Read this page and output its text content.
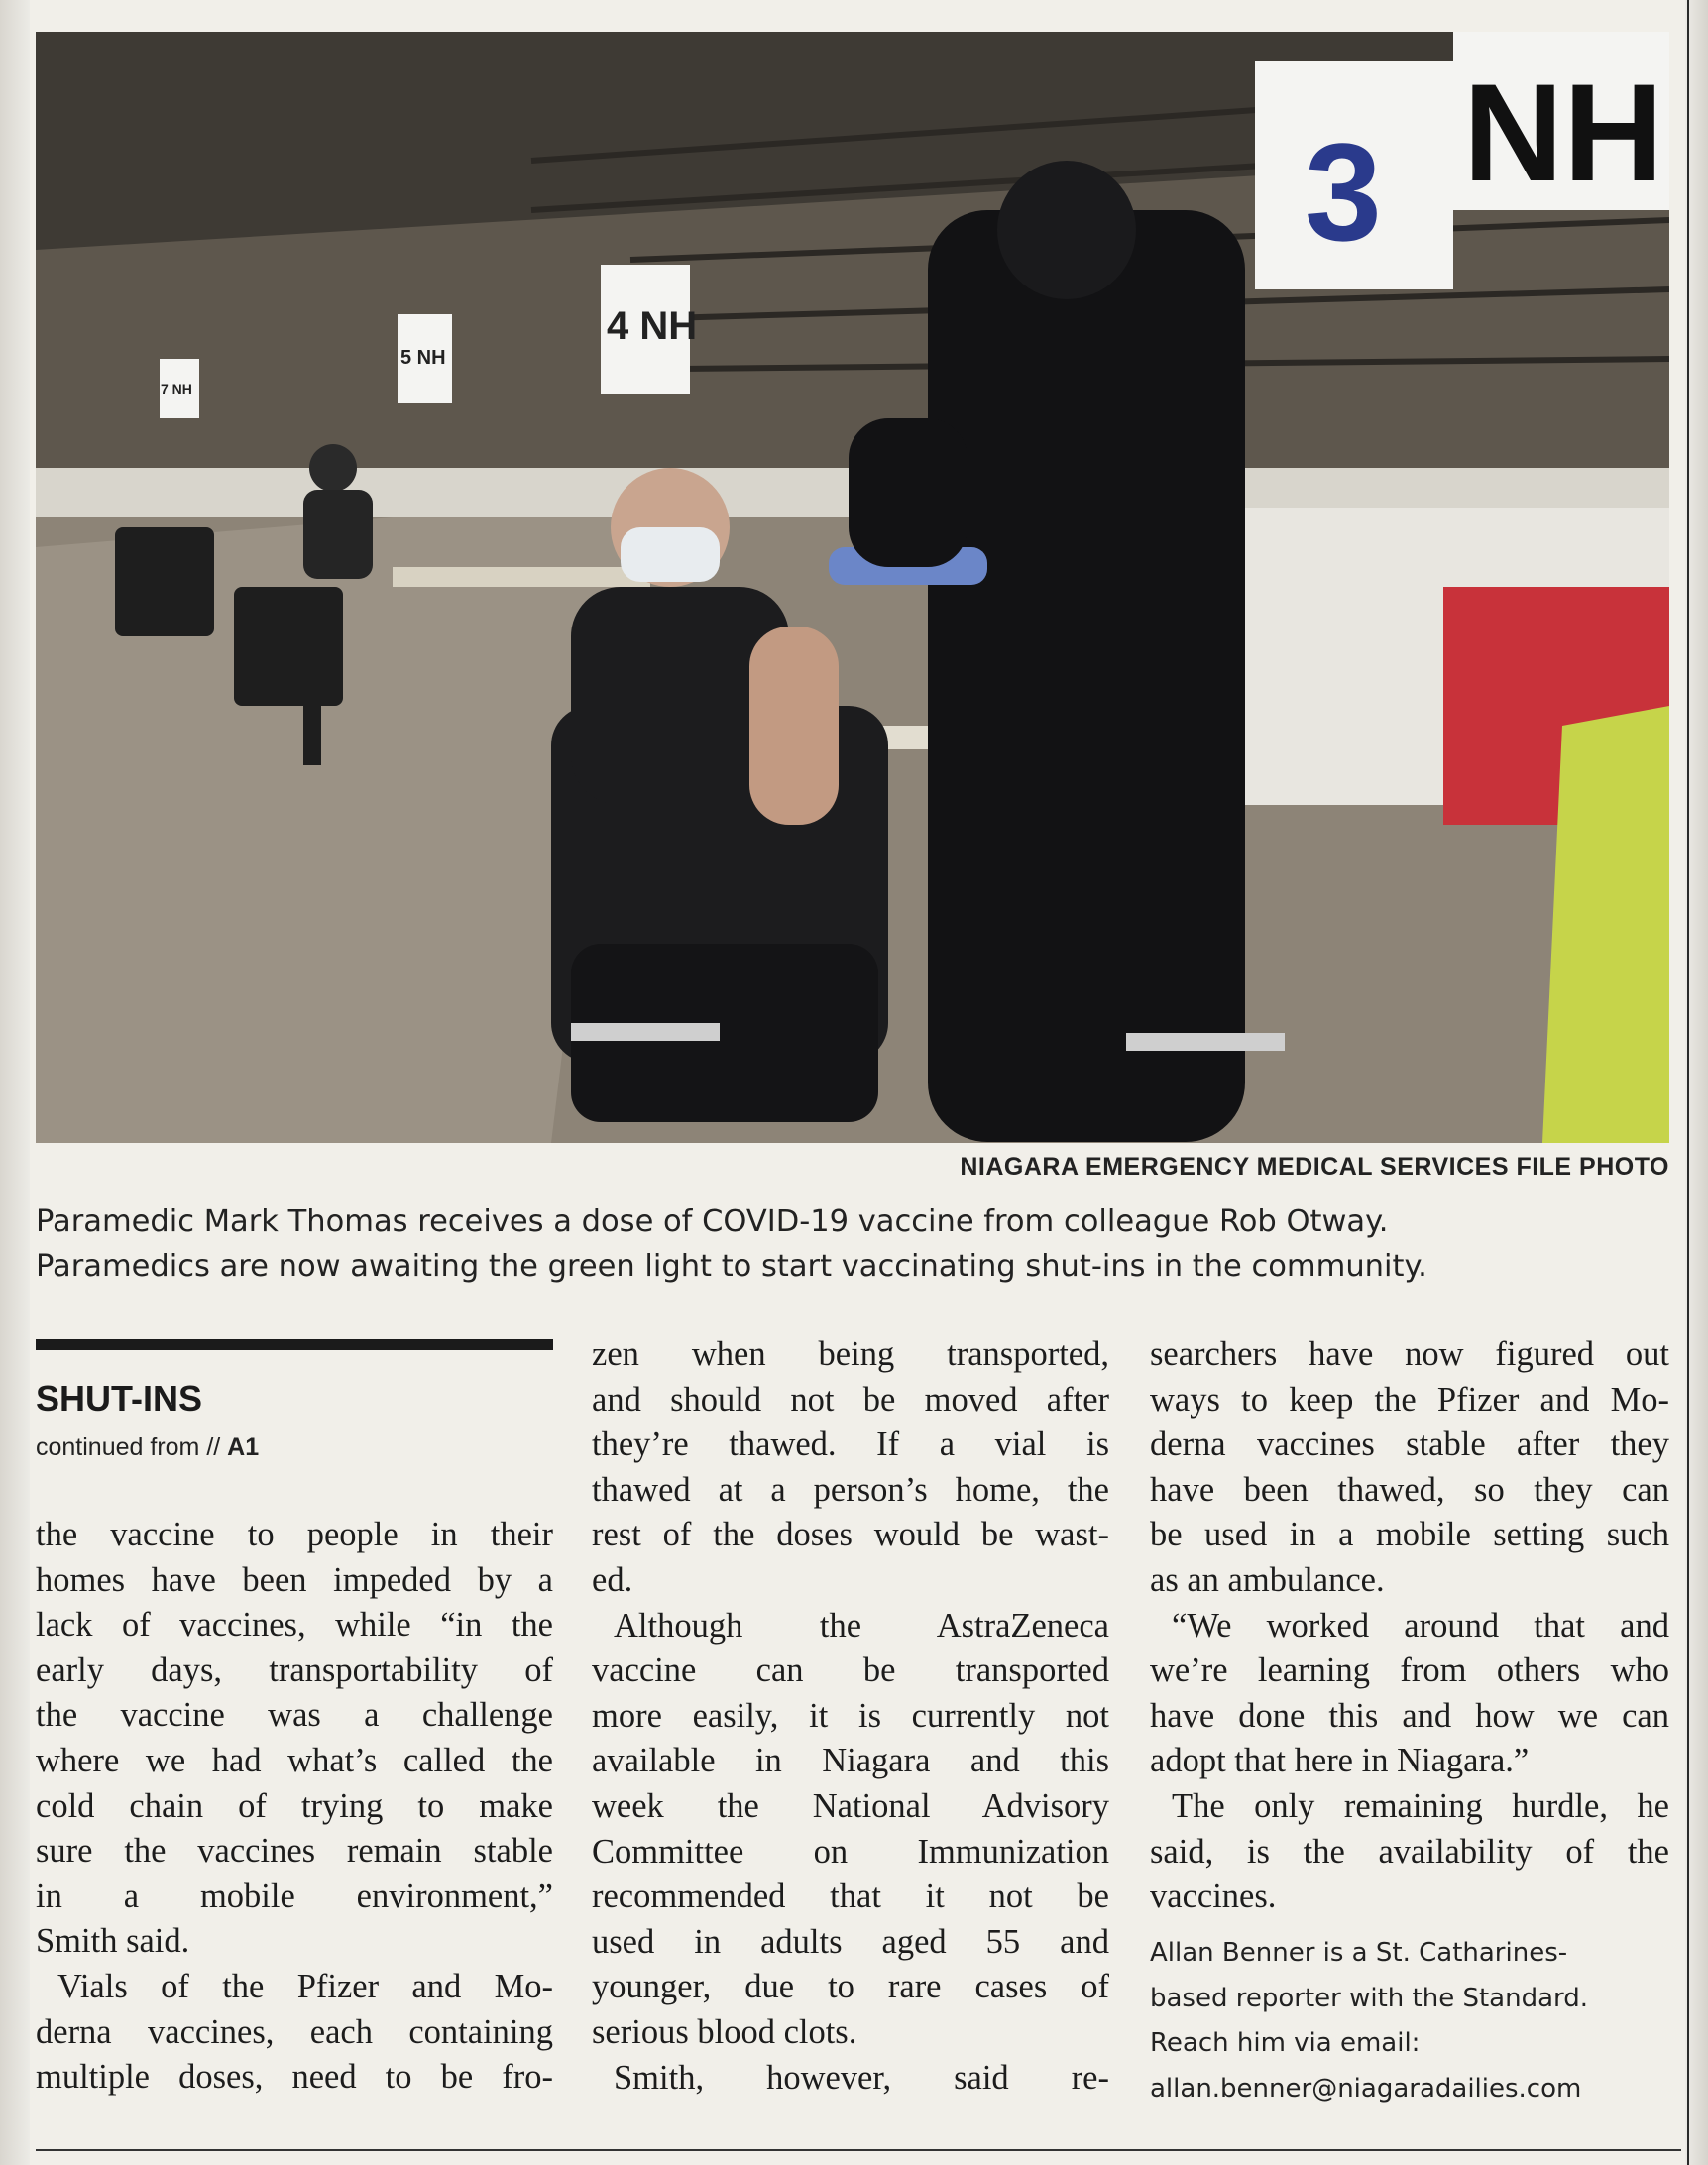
3 NH
4 NH
5 NH
7 NH
NIAGARA EMERGENCY MEDICAL SERVICES FILE PHOTO
Paramedic Mark Thomas receives a dose of COVID-19 vaccine from colleague Rob Otway.
Paramedics are now awaiting the green light to start vaccinating shut-ins in the community.
SHUT-INS
continued from // A1
the vaccine to people in their
homes have been impeded by a
lack of vaccines, while “in the
early days, transportability of
the vaccine was a challenge
where we had what’s called the
cold chain of trying to make
sure the vaccines remain stable
in a mobile environment,”
Smith said.
Vials of the Pfizer and Mo-
derna vaccines, each containing
multiple doses, need to be fro-
zen when being transported,
and should not be moved after
they’re thawed. If a vial is
thawed at a person’s home, the
rest of the doses would be wast-
ed.
Although the AstraZeneca
vaccine can be transported
more easily, it is currently not
available in Niagara and this
week the National Advisory
Committee on Immunization
recommended that it not be
used in adults aged 55 and
younger, due to rare cases of
serious blood clots.
Smith, however, said re-
searchers have now figured out
ways to keep the Pfizer and Mo-
derna vaccines stable after they
have been thawed, so they can
be used in a mobile setting such
as an ambulance.
“We worked around that and
we’re learning from others who
have done this and how we can
adopt that here in Niagara.”
The only remaining hurdle, he
said, is the availability of the
vaccines.
Allan Benner is a St. Catharines-
based reporter with the Standard.
Reach him via email:
allan.benner@niagaradailies.com
